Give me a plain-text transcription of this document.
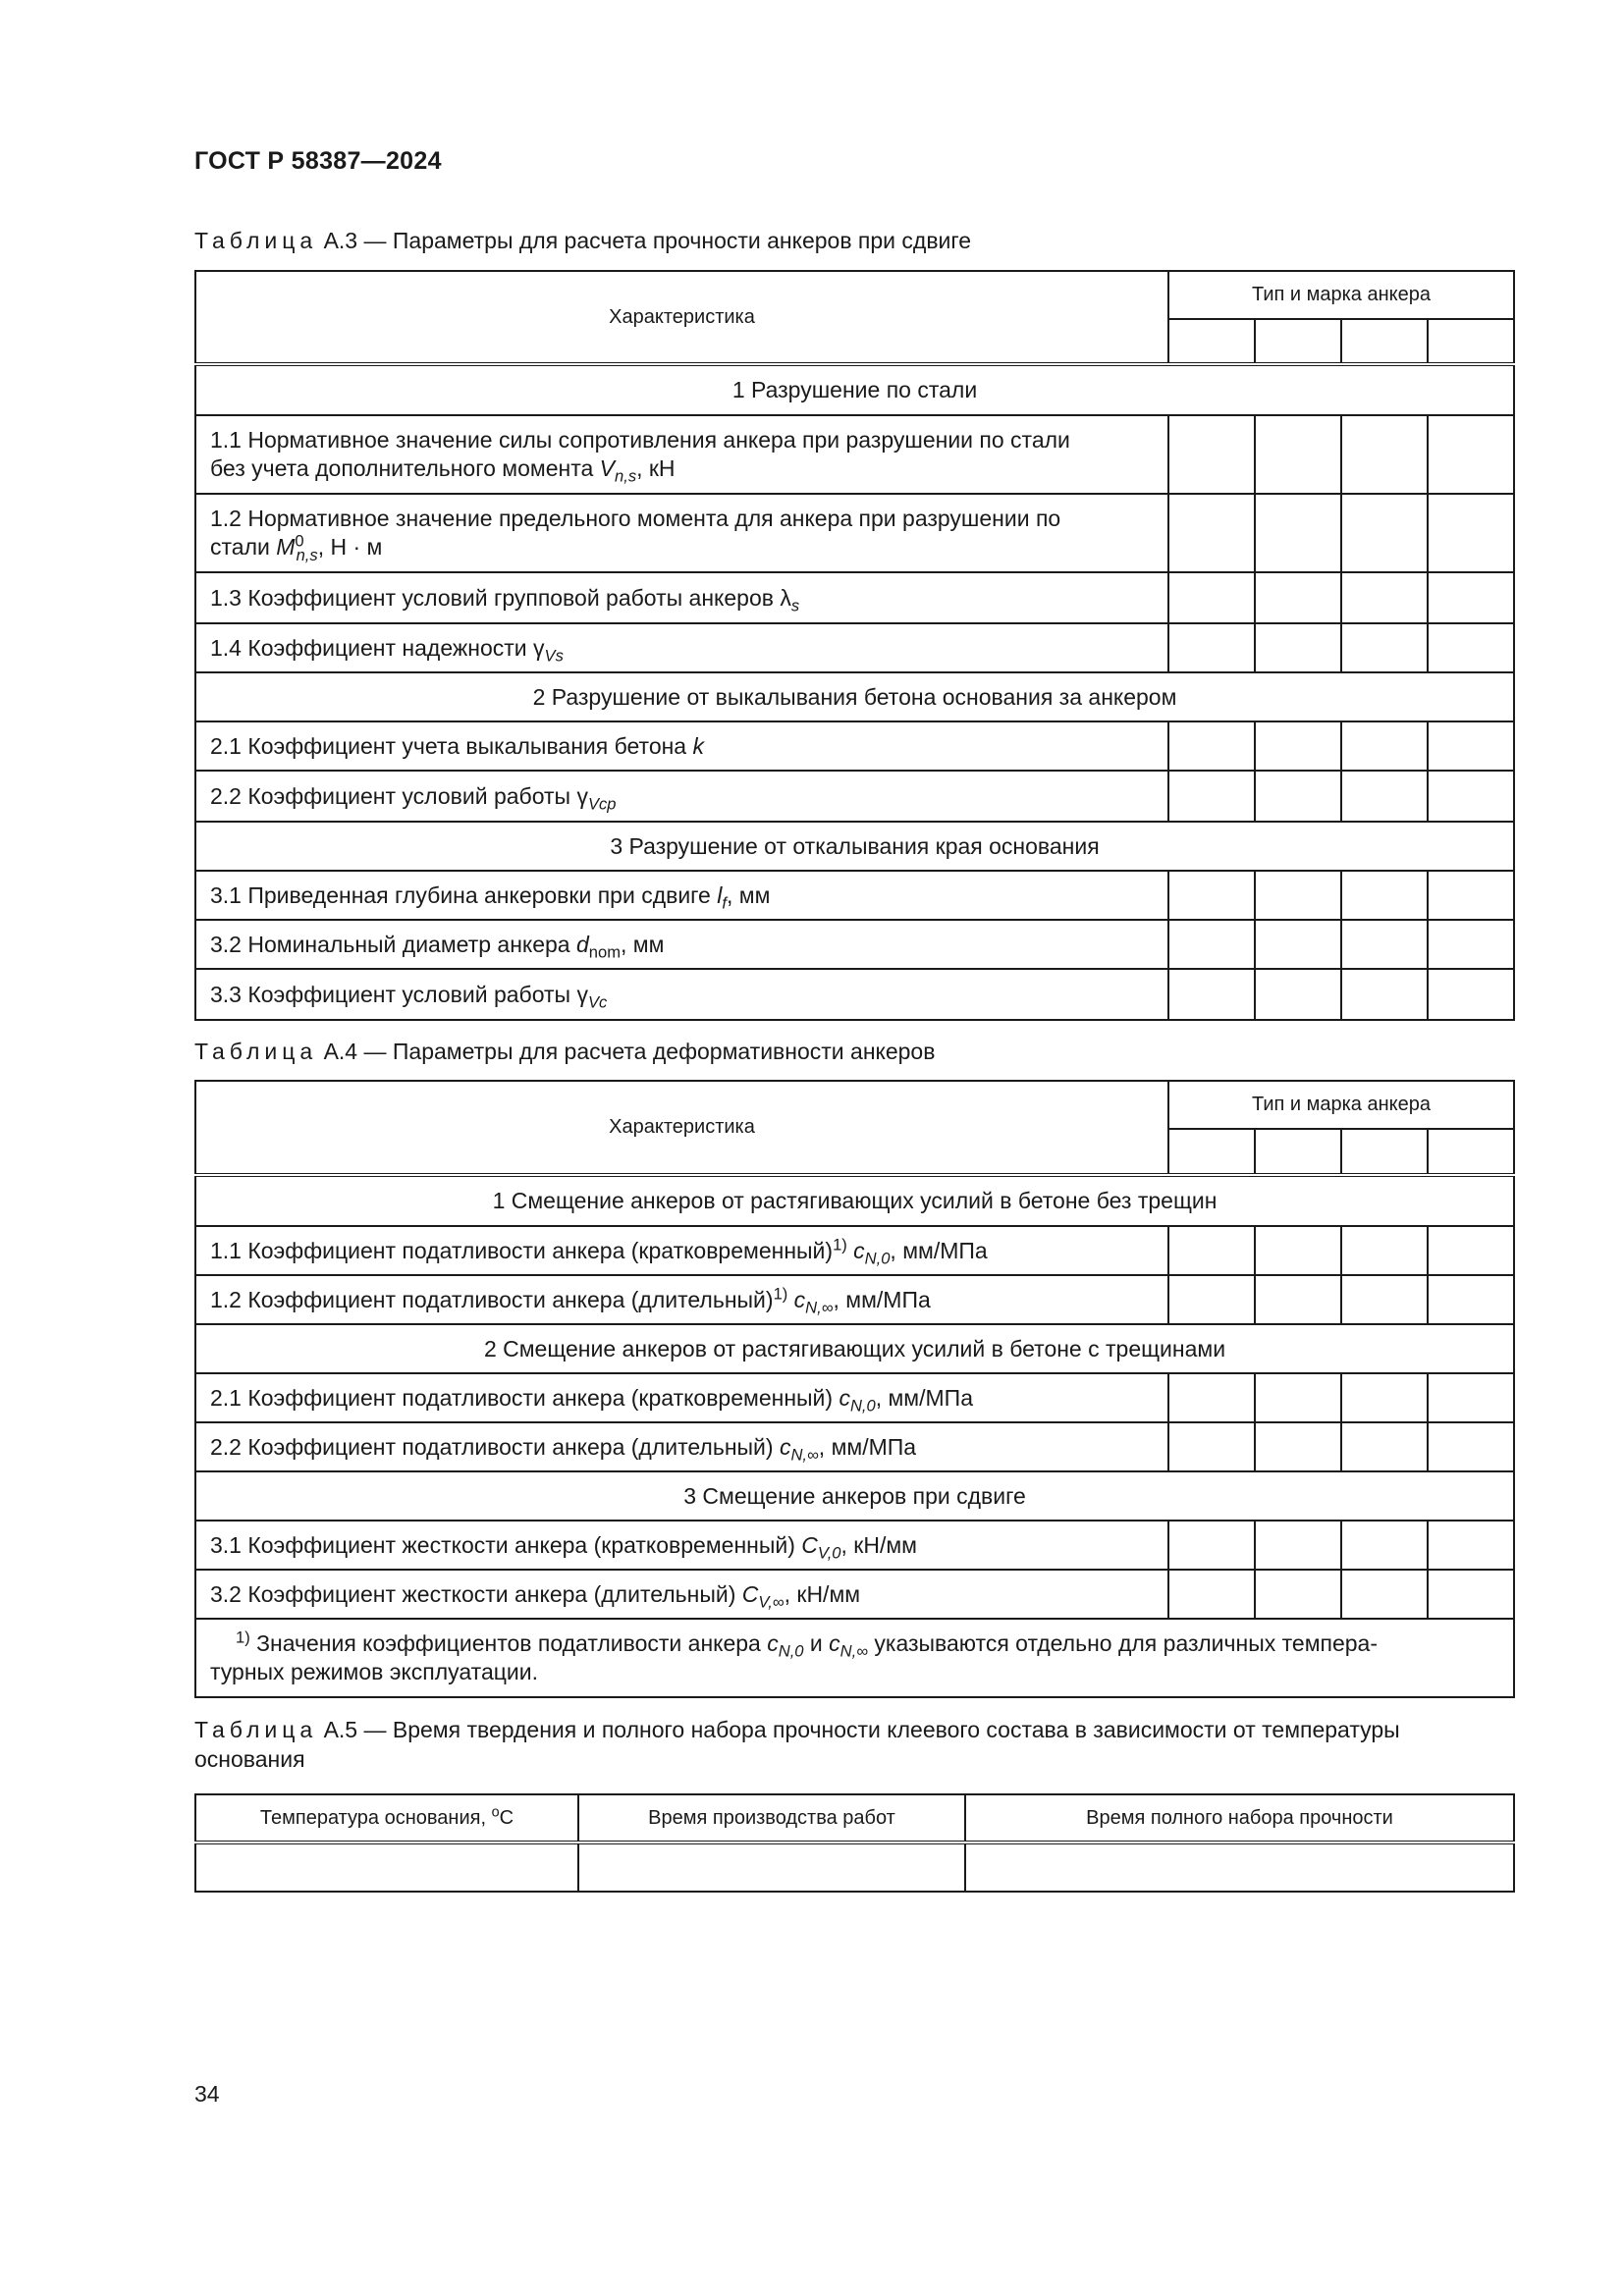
ГОСТ Р 58387—2024
Таблица А.3 — Параметры для расчета прочности анкеров при сдвиге
Характеристика	Тип и марка анкера			

1 Разрушение по стали				
1.1 Нормативное значение силы сопротивления анкера при разрушении по стали
без учета дополнительного момента $V_{n,s}$, кН				
1.2 Нормативное значение предельного момента для анкера при разрушении по
стали $M^0_{n,s}$, Н · м				
1.3 Коэффициент условий групповой работы анкеров $\lambda_s$				
1.4 Коэффициент надежности $\gamma_{Vs}$				
2 Разрушение от выкалывания бетона основания за анкером				
2.1 Коэффициент учета выкалывания бетона k				
2.2 Коэффициент условий работы $\gamma_{Vcp}$				
3 Разрушение от откалывания края основания				
3.1 Приведенная глубина анкеровки при сдвиге $l_f$, мм				
3.2 Номинальный диаметр анкера $d_{nom}$, мм				
3.3 Коэффициент условий работы $\gamma_{Vc}$				
Таблица А.4 — Параметры для расчета деформативности анкеров
Характеристика	Тип и марка анкера			

1 Смещение анкеров от растягивающих усилий в бетоне без трещин				
1.1 Коэффициент податливости анкера (кратковременный)$^{1)}$ $c_{N,0}$, мм/МПа				
1.2 Коэффициент податливости анкера (длительный)$^{1)}$ $c_{N,\infty}$, мм/МПа				
2 Смещение анкеров от растягивающих усилий в бетоне с трещинами				
2.1 Коэффициент податливости анкера (кратковременный) $c_{N,0}$, мм/МПа				
2.2 Коэффициент податливости анкера (длительный) $c_{N,\infty}$, мм/МПа				
3 Смещение анкеров при сдвиге				
3.1 Коэффициент жесткости анкера (кратковременный) $C_{V,0}$, кН/мм				
3.2 Коэффициент жесткости анкера (длительный) $C_{V,\infty}$, кН/мм				
$^{1)}$ Значения коэффициентов податливости анкера $c_{N,0}$ и $c_{N,\infty}$ указываются отдельно для различных темпера-
турных режимов эксплуатации.				
Таблица А.5 — Время твердения и полного набора прочности клеевого состава в зависимости от температуры основания
Температура основания, $^о$С	Время производства работ	Время полного набора прочности

34
